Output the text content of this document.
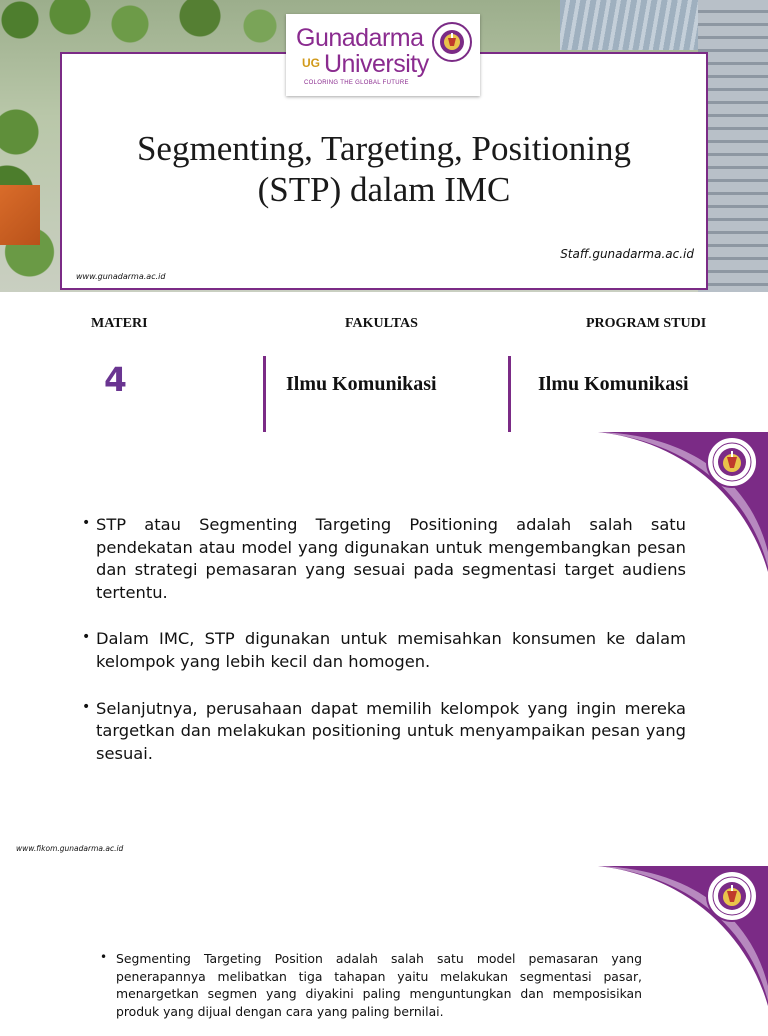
Gunadarma
UG University
COLORING THE GLOBAL FUTURE
Segmenting, Targeting, Positioning
(STP) dalam IMC
Staff.gunadarma.ac.id
www.gunadarma.ac.id
MATERI	FAKULTAS	PROGRAM STUDI
4	Ilmu Komunikasi	Ilmu Komunikasi
• STP atau Segmenting Targeting Positioning adalah salah satu pendekatan atau model yang digunakan untuk mengembangkan pesan dan strategi pemasaran yang sesuai pada segmentasi target audiens tertentu.
• Dalam IMC, STP digunakan untuk memisahkan konsumen ke dalam kelompok yang lebih kecil dan homogen.
• Selanjutnya, perusahaan dapat memilih kelompok yang ingin mereka targetkan dan melakukan positioning untuk menyampaikan pesan yang sesuai.
www.fikom.gunadarma.ac.id
• Segmenting Targeting Position adalah salah satu model pemasaran yang penerapannya melibatkan tiga tahapan yaitu melakukan segmentasi pasar, menargetkan segmen yang diyakini paling menguntungkan dan memposisikan produk yang dijual dengan cara yang paling bernilai.
